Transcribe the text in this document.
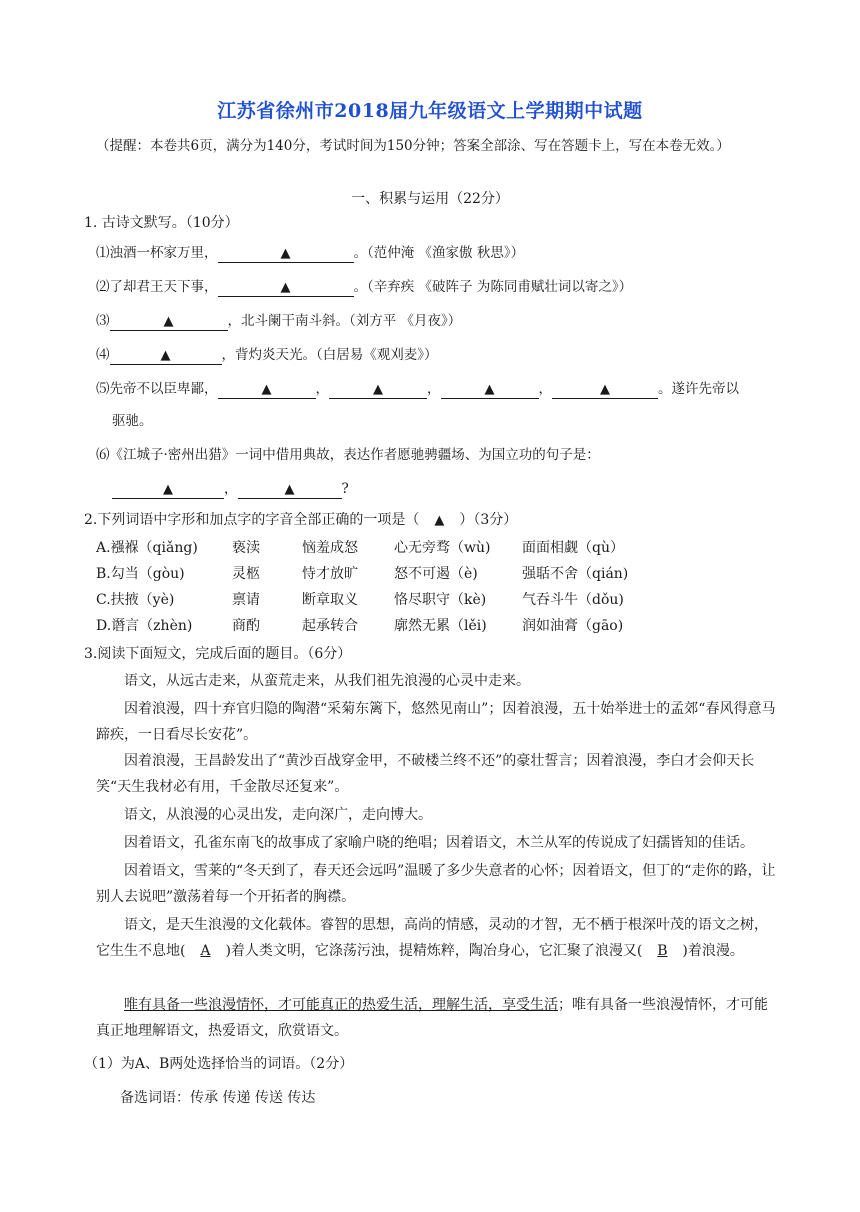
江苏省徐州市2018届九年级语文上学期期中试题
（提醒：本卷共6页，满分为140分，考试时间为150分钟；答案全部涂、写在答题卡上，写在本卷无效。）
一、积累与运用（22分）
1. 古诗文默写。（10分）
⑴浊酒一杯家万里，	▲	。（范仲淹 《渔家傲 秋思》）
⑵了却君王天下事，	▲	。（辛弃疾 《破阵子 为陈同甫赋壮词以寄之》）
⑶	▲	，北斗阑干南斗斜。（刘方平 《月夜》）
⑷	▲	，背灼炎天光。（白居易《观刈麦》）
⑸先帝不以臣卑鄙，	▲	，	▲	，	▲	，	▲	。遂许先帝以
驱驰。
⑹《江城子·密州出猎》一词中借用典故，表达作者愿驰骋疆场、为国立功的句子是：
▲	，	▲	?
2.下列词语中字形和加点字的字音全部正确的一项是（ ▲ ）（3分）
A.襁褓（qiǎng) 亵渎	恼羞成怒	心无旁骛（wù) 面面相觑（qù）
B.勾当（gòu)	灵柩	恃才放旷	怒不可遏（è)	强聒不舍（qián)
C.扶掖（yè)	禀请	断章取义	恪尽职守（kè)	气吞斗牛（dǒu)
D.谮言（zhèn)	商酌	起承转合	廓然无累（lěi)	润如油膏（gāo)
3.阅读下面短文，完成后面的题目。（6分）
语文，从远古走来，从蛮荒走来，从我们祖先浪漫的心灵中走来。
因着浪漫，四十弃官归隐的陶潜“采菊东篱下，悠然见南山”；因着浪漫，五十始举进士的孟郊“春风得意马蹄疾，一日看尽长安花”。
因着浪漫，王昌龄发出了“黄沙百战穿金甲，不破楼兰终不还”的豪壮誓言；因着浪漫，李白才会仰天长笑“天生我材必有用，千金散尽还复来”。
语文，从浪漫的心灵出发，走向深广，走向博大。
因着语文，孔雀东南飞的故事成了家喻户晓的绝唱；因着语文，木兰从军的传说成了妇孺皆知的佳话。
因着语文，雪莱的“冬天到了，春天还会远吗”温暖了多少失意者的心怀；因着语文，但丁的“走你的路，让别人去说吧”激荡着每一个开拓者的胸襟。
语文，是天生浪漫的文化载体。睿智的思想，高尚的情感，灵动的才智，无不栖于根深叶茂的语文之树，它生生不息地( A )着人类文明，它涤荡污浊，提精炼粹，陶冶身心，它汇聚了浪漫又( B )着浪漫。
唯有具备一些浪漫情怀，才可能真正的热爱生活，理解生活，享受生活；唯有具备一些浪漫情怀，才可能真正地理解语文，热爱语文，欣赏语文。
（1）为A、B两处选择恰当的词语。（2分）
备选词语：传承 传递 传送 传达
